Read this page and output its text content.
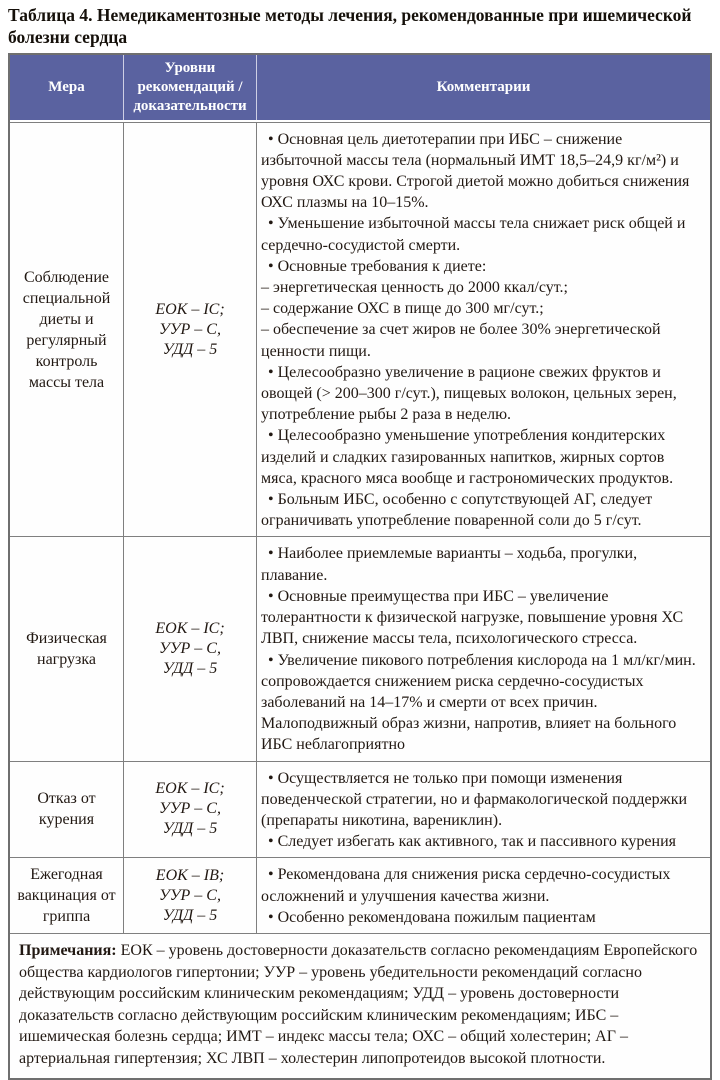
Таблица 4. Немедикаментозные методы лечения, рекомендованные при ишемической болезни сердца

Мера
Уровни рекомендаций / доказательности
Комментарии
Соблюдение специальной диеты и регулярный контроль массы тела
ЕОК – IC;
УУР – С,
УДД – 5
• Основная цель диетотерапии при ИБС – снижение избыточной массы тела (нормальный ИМТ 18,5–24,9 кг/м²) и уровня ОХС крови. Строгой диетой можно добиться снижения ОХС плазмы на 10–15%.
• Уменьшение избыточной массы тела снижает риск общей и сердечно-сосудистой смерти.
• Основные требования к диете:
– энергетическая ценность до 2000 ккал/сут.;
– содержание ОХС в пище до 300 мг/сут.;
– обеспечение за счет жиров не более 30% энергетической ценности пищи.
• Целесообразно увеличение в рационе свежих фруктов и овощей (> 200–300 г/сут.), пищевых волокон, цельных зерен, употребление рыбы 2 раза в неделю.
• Целесообразно уменьшение употребления кондитерских изделий и сладких газированных напитков, жирных сортов мяса, красного мяса вообще и гастрономических продуктов.
• Больным ИБС, особенно с сопутствующей АГ, следует ограничивать употребление поваренной соли до 5 г/сут.
Физическая нагрузка
ЕОК – IC;
УУР – С,
УДД – 5
• Наиболее приемлемые варианты – ходьба, прогулки, плавание.
• Основные преимущества при ИБС – увеличение толерантности к физической нагрузке, повышение уровня ХС ЛВП, снижение массы тела, психологического стресса.
• Увеличение пикового потребления кислорода на 1 мл/кг/мин. сопровождается снижением риска сердечно-сосудистых заболеваний на 14–17% и смерти от всех причин. Малоподвижный образ жизни, напротив, влияет на больного ИБС неблагоприятно
Отказ от курения
ЕОК – IC;
УУР – С,
УДД – 5
• Осуществляется не только при помощи изменения поведенческой стратегии, но и фармакологической поддержки (препараты никотина, варениклин).
• Следует избегать как активного, так и пассивного курения
Ежегодная вакцинация от гриппа
ЕОК – IB;
УУР – С,
УДД – 5
• Рекомендована для снижения риска сердечно-сосудистых осложнений и улучшения качества жизни.
• Особенно рекомендована пожилым пациентам
Примечания: ЕОК – уровень достоверности доказательств согласно рекомендациям Европейского общества кардиологов гипертонии; УУР – уровень убедительности рекомендаций согласно действующим российским клиническим рекомендациям; УДД – уровень достоверности доказательств согласно действующим российским клиническим рекомендациям; ИБС – ишемическая болезнь сердца; ИМТ – индекс массы тела; ОХС – общий холестерин; АГ – артериальная гипертензия; ХС ЛВП – холестерин липопротеидов высокой плотности.
